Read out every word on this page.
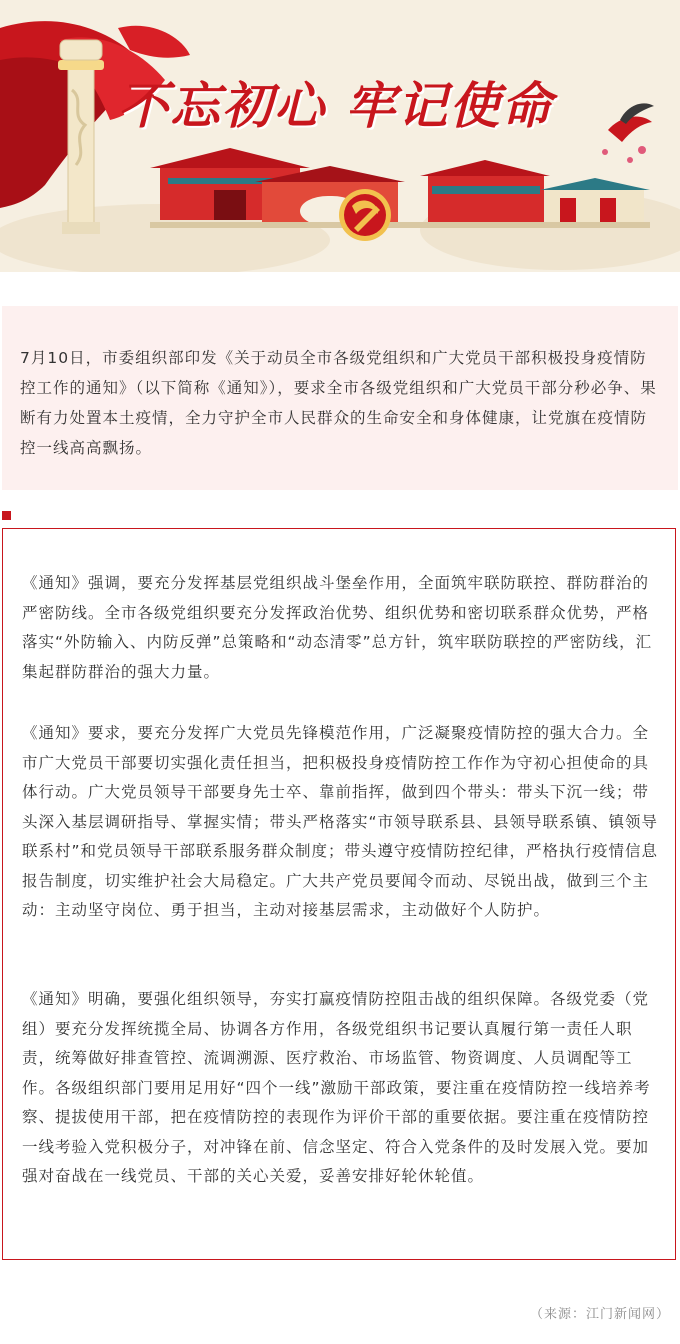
不忘初心 牢记使命

7月10日，市委组织部印发《关于动员全市各级党组织和广大党员干部积极投身疫情防控工作的通知》（以下简称《通知》），要求全市各级党组织和广大党员干部分秒必争、果断有力处置本土疫情，全力守护全市人民群众的生命安全和身体健康，让党旗在疫情防控一线高高飘扬。

《通知》强调，要充分发挥基层党组织战斗堡垒作用，全面筑牢联防联控、群防群治的严密防线。全市各级党组织要充分发挥政治优势、组织优势和密切联系群众优势，严格落实“外防输入、内防反弹”总策略和“动态清零”总方针，筑牢联防联控的严密防线，汇集起群防群治的强大力量。

《通知》要求，要充分发挥广大党员先锋模范作用，广泛凝聚疫情防控的强大合力。全市广大党员干部要切实强化责任担当，把积极投身疫情防控工作作为守初心担使命的具体行动。广大党员领导干部要身先士卒、靠前指挥，做到四个带头：带头下沉一线；带头深入基层调研指导、掌握实情；带头严格落实“市领导联系县、县领导联系镇、镇领导联系村”和党员领导干部联系服务群众制度；带头遵守疫情防控纪律，严格执行疫情信息报告制度，切实维护社会大局稳定。广大共产党员要闻令而动、尽锐出战，做到三个主动：主动坚守岗位、勇于担当，主动对接基层需求，主动做好个人防护。

《通知》明确，要强化组织领导，夯实打赢疫情防控阻击战的组织保障。各级党委（党组）要充分发挥统揽全局、协调各方作用，各级党组织书记要认真履行第一责任人职责，统筹做好排查管控、流调溯源、医疗救治、市场监管、物资调度、人员调配等工作。各级组织部门要用足用好“四个一线”激励干部政策，要注重在疫情防控一线培养考察、提拔使用干部，把在疫情防控的表现作为评价干部的重要依据。要注重在疫情防控一线考验入党积极分子，对冲锋在前、信念坚定、符合入党条件的及时发展入党。要加强对奋战在一线党员、干部的关心关爱，妥善安排好轮休轮值。

（来源：江门新闻网）
